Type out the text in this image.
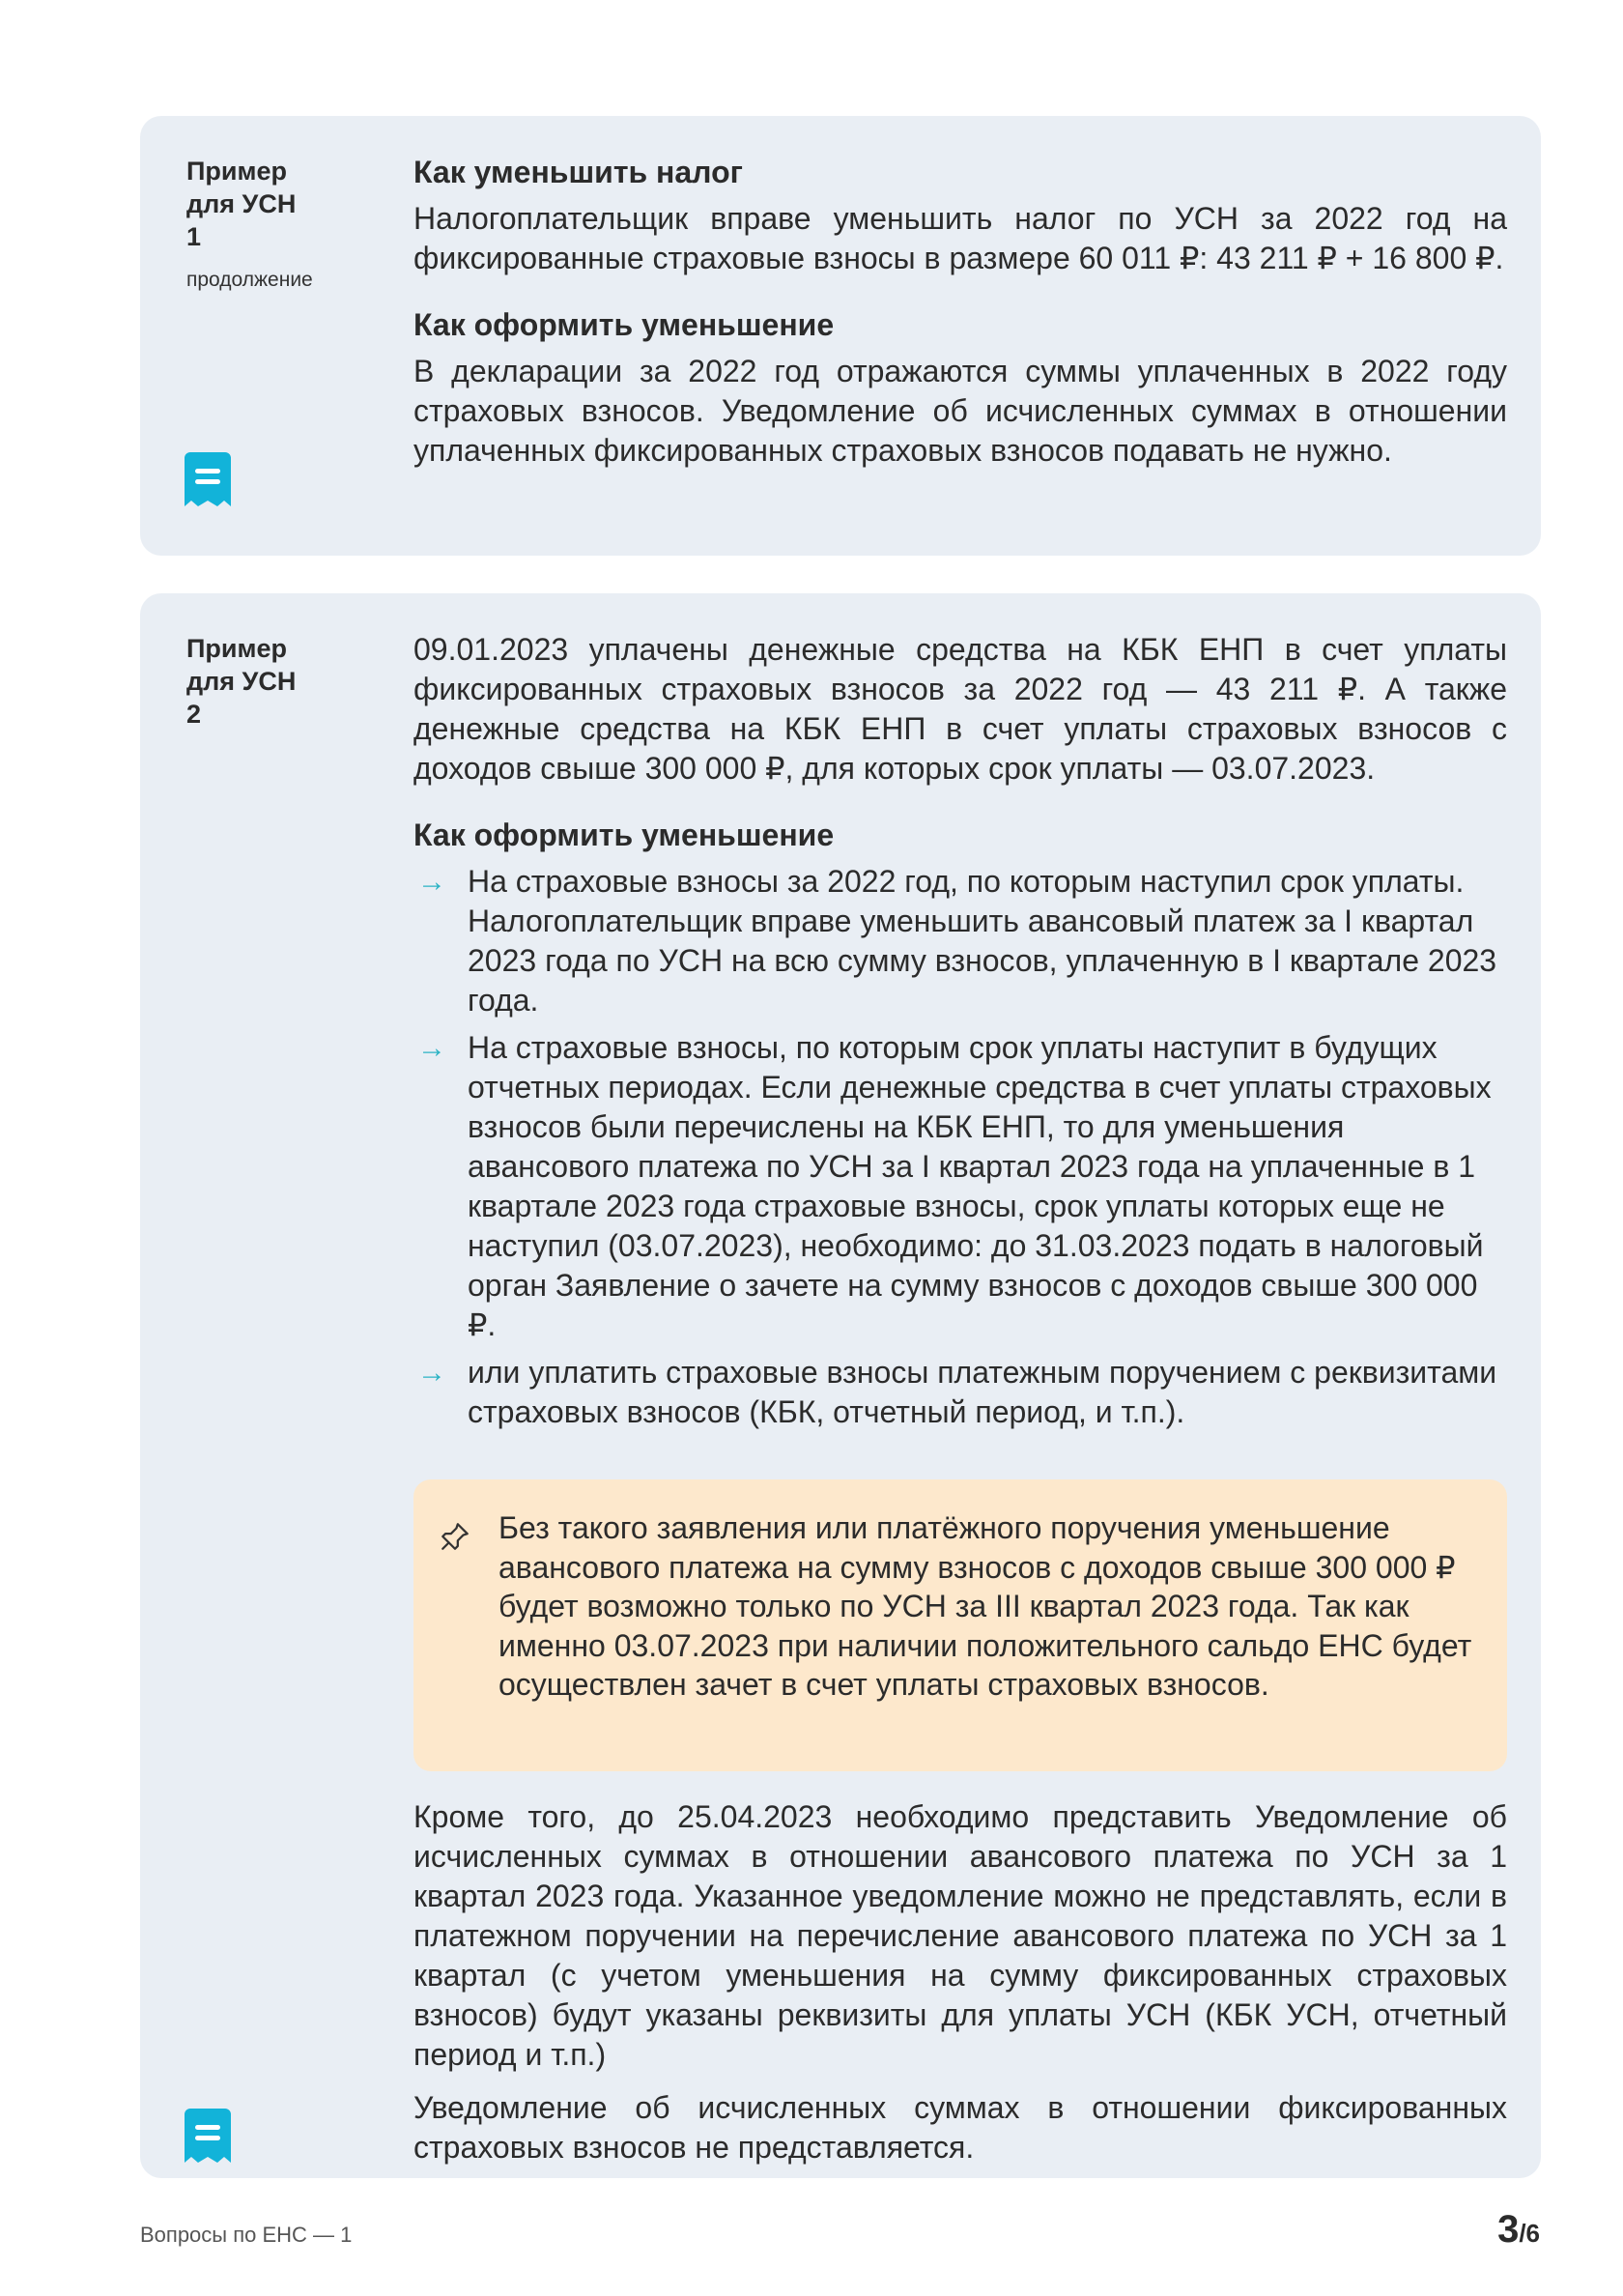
Пример
для УСН
1
продолжение

Как уменьшить налог

Налогоплательщик вправе уменьшить налог по УСН за 2022 год на фиксированные страховые взносы в размере 60 011 ₽: 43 211 ₽ + 16 800 ₽.

Как оформить уменьшение

В декларации за 2022 год отражаются суммы уплаченных в 2022 году страховых взносов. Уведомление об исчисленных суммах в отношении уплаченных фиксированных страховых взносов подавать не нужно.

Пример
для УСН
2

09.01.2023 уплачены денежные средства на КБК ЕНП в счет уплаты фиксированных страховых взносов за 2022 год — 43 211 ₽. А также денежные средства на КБК ЕНП в счет уплаты страховых взносов с доходов свыше 300 000 ₽, для которых срок уплаты — 03.07.2023.

Как оформить уменьшение

→ На страховые взносы за 2022 год, по которым наступил срок уплаты. Налогоплательщик вправе уменьшить авансовый платеж за I квартал 2023 года по УСН на всю сумму взносов, уплаченную в I квартале 2023 года.
→ На страховые взносы, по которым срок уплаты наступит в будущих отчетных периодах. Если денежные средства в счет уплаты страховых взносов были перечислены на КБК ЕНП, то для уменьшения авансового платежа по УСН за I квартал 2023 года на уплаченные в 1 квартале 2023 года страховые взносы, срок уплаты которых еще не наступил (03.07.2023), необходимо: до 31.03.2023 подать в налоговый орган Заявление о зачете на сумму взносов с доходов свыше 300 000 ₽.
→ или уплатить страховые взносы платежным поручением с реквизитами страховых взносов (КБК, отчетный период, и т.п.).
Без такого заявления или платёжного поручения уменьшение авансового платежа на сумму взносов с доходов свыше 300 000 ₽ будет возможно только по УСН за III квартал 2023 года. Так как именно 03.07.2023 при наличии положительного сальдо ЕНС будет осуществлен зачет в счет уплаты страховых взносов.

Кроме того, до 25.04.2023 необходимо представить Уведомление об исчисленных суммах в отношении авансового платежа по УСН за 1 квартал 2023 года. Указанное уведомление можно не представлять, если в платежном поручении на перечисление авансового платежа по УСН за 1 квартал (с учетом уменьшения на сумму фиксированных страховых взносов) будут указаны реквизиты для уплаты УСН (КБК УСН, отчетный период и т.п.)

Уведомление об исчисленных суммах в отношении фиксированных страховых взносов не представляется.

Вопросы по ЕНС — 1	3/6
